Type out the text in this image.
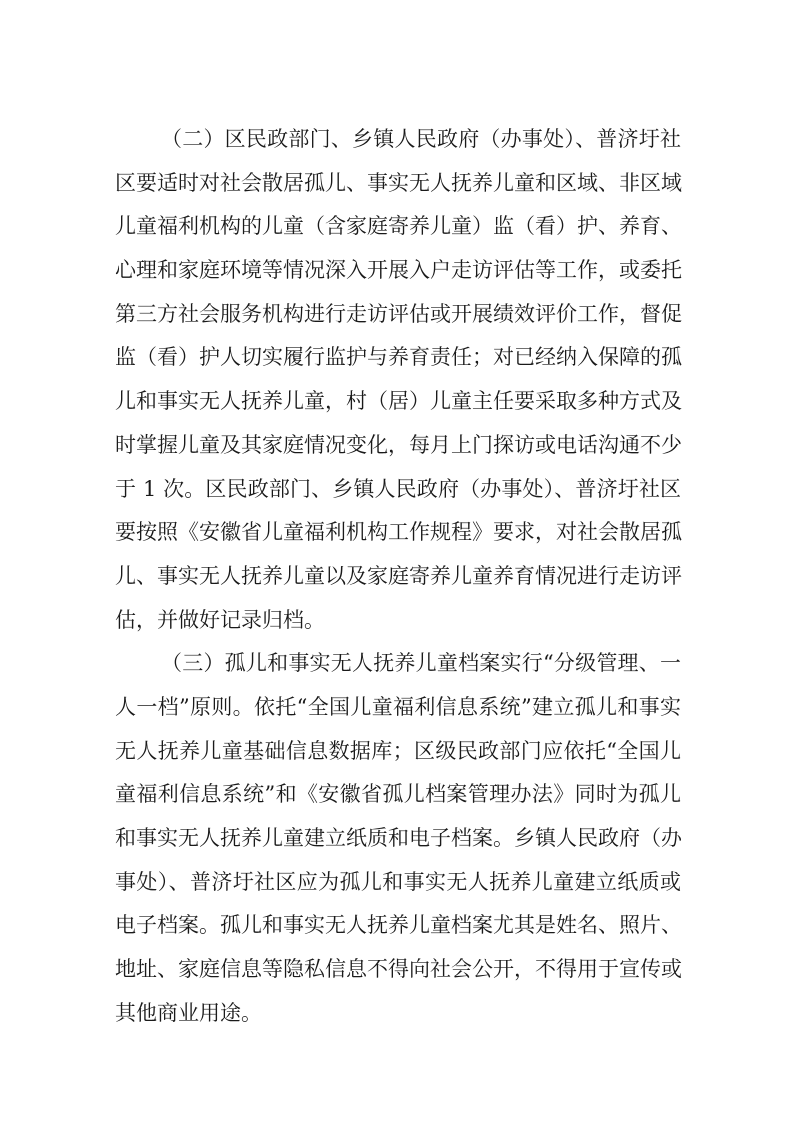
（二）区民政部门、乡镇人民政府（办事处）、普济圩社
区要适时对社会散居孤儿、事实无人抚养儿童和区域、非区域
儿童福利机构的儿童（含家庭寄养儿童）监（看）护、养育、
心理和家庭环境等情况深入开展入户走访评估等工作，或委托
第三方社会服务机构进行走访评估或开展绩效评价工作，督促
监（看）护人切实履行监护与养育责任；对已经纳入保障的孤
儿和事实无人抚养儿童，村（居）儿童主任要采取多种方式及
时掌握儿童及其家庭情况变化，每月上门探访或电话沟通不少
于 1 次。区民政部门、乡镇人民政府（办事处）、普济圩社区
要按照《安徽省儿童福利机构工作规程》要求，对社会散居孤
儿、事实无人抚养儿童以及家庭寄养儿童养育情况进行走访评
估，并做好记录归档。
（三）孤儿和事实无人抚养儿童档案实行“分级管理、一
人一档”原则。依托“全国儿童福利信息系统”建立孤儿和事实
无人抚养儿童基础信息数据库；区级民政部门应依托“全国儿
童福利信息系统”和《安徽省孤儿档案管理办法》同时为孤儿
和事实无人抚养儿童建立纸质和电子档案。乡镇人民政府（办
事处）、普济圩社区应为孤儿和事实无人抚养儿童建立纸质或
电子档案。孤儿和事实无人抚养儿童档案尤其是姓名、照片、
地址、家庭信息等隐私信息不得向社会公开，不得用于宣传或
其他商业用途。
